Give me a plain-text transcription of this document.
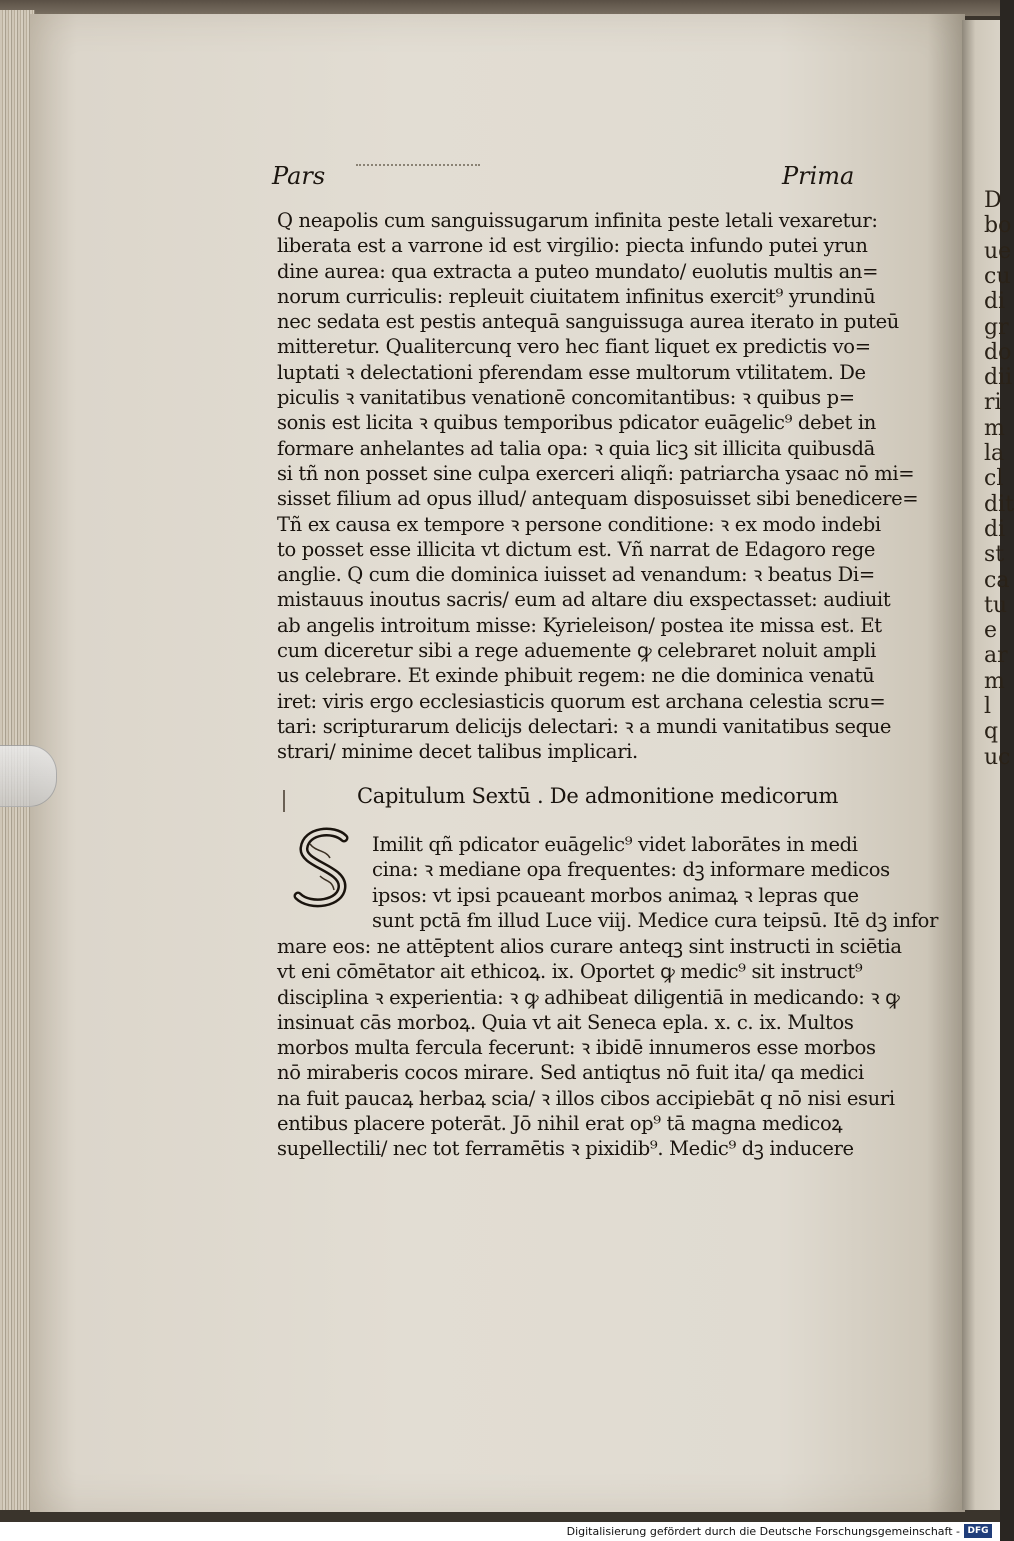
D
bo
ue
cu
di
gr
do
dii
ri
m
la
cl
dit
di
st
ca
tu
e
ar
m
l
q
uc
Pars	Prima
Q neapolis cum sanguissugarum infinita peste letali vexaretur:
liberata est a varrone id est virgilio: piecta infundo putei yrun
dine aurea: qua extracta a puteo mundato/ euolutis multis an=
norum curriculis: repleuit ciuitatem infinitus exercit⁹ yrundinū
nec sedata est pestis antequā sanguissuga aurea iterato in puteū
mitteretur. Qualitercunq vero hec fiant liquet ex predictis vo=
luptati ꝛ delectationi pferendam esse multorum vtilitatem. De
piculis ꝛ vanitatibus venationē concomitantibus: ꝛ quibus p=
sonis est licita ꝛ quibus temporibus pdicator euāgelic⁹ debet in
formare anhelantes ad talia opa: ꝛ quia licꝫ sit illicita quibusdā
si tñ non posset sine culpa exerceri aliqñ: patriarcha ysaac nō mi=
sisset filium ad opus illud/ antequam disposuisset sibi benedicere=
Tñ ex causa ex tempore ꝛ persone conditione: ꝛ ex modo indebi
to posset esse illicita vt dictum est. Vñ narrat de Edagoro rege
anglie. Q cum die dominica iuisset ad venandum: ꝛ beatus Di=
mistauus inoutus sacris/ eum ad altare diu exspectasset: audiuit
ab angelis introitum misse: Kyrieleison/ postea ite missa est. Et
cum diceretur sibi a rege aduemente ꝙ celebraret noluit ampli
us celebrare. Et exinde phibuit regem: ne die dominica venatū
iret: viris ergo ecclesiasticis quorum est archana celestia scru=
tari: scripturarum delicijs delectari: ꝛ a mundi vanitatibus seque
strari/ minime decet talibus implicari.
Capitulum Sextū . De admonitione medicorum
S
Imilit qñ pdicator euāgelic⁹ videt laborātes in medi
cina: ꝛ mediane opa frequentes: dꝫ informare medicos
ipsos: vt ipsi pcaueant morbos animaꝝ ꝛ lepras que
sunt pctā ẜm illud Luce viij. Medice cura teipsū. Itē dꝫ infor
mare eos: ne attēptent alios curare anteqꝫ sint instructi in sciētia
vt eni cōmētator ait ethicoꝝ. ix. Oportet ꝙ medic⁹ sit instruct⁹
disciplina ꝛ experientia: ꝛ ꝙ adhibeat diligentiā in medicando: ꝛ ꝙ
insinuat cās morboꝝ. Quia vt ait Seneca epla. x. c. ix. Multos
morbos multa fercula fecerunt: ꝛ ibidē innumeros esse morbos
nō miraberis cocos mirare. Sed antiqtus nō fuit ita/ qa medici
na fuit paucaꝝ herbaꝝ scia/ ꝛ illos cibos accipiebāt q nō nisi esuri
entibus placere poterāt. Jō nihil erat op⁹ tā magna medicoꝝ
supellectili/ nec tot ferramētis ꝛ pixidib⁹. Medic⁹ dꝫ inducere
Digitalisierung gefördert durch die Deutsche Forschungsgemeinschaft - DFG
